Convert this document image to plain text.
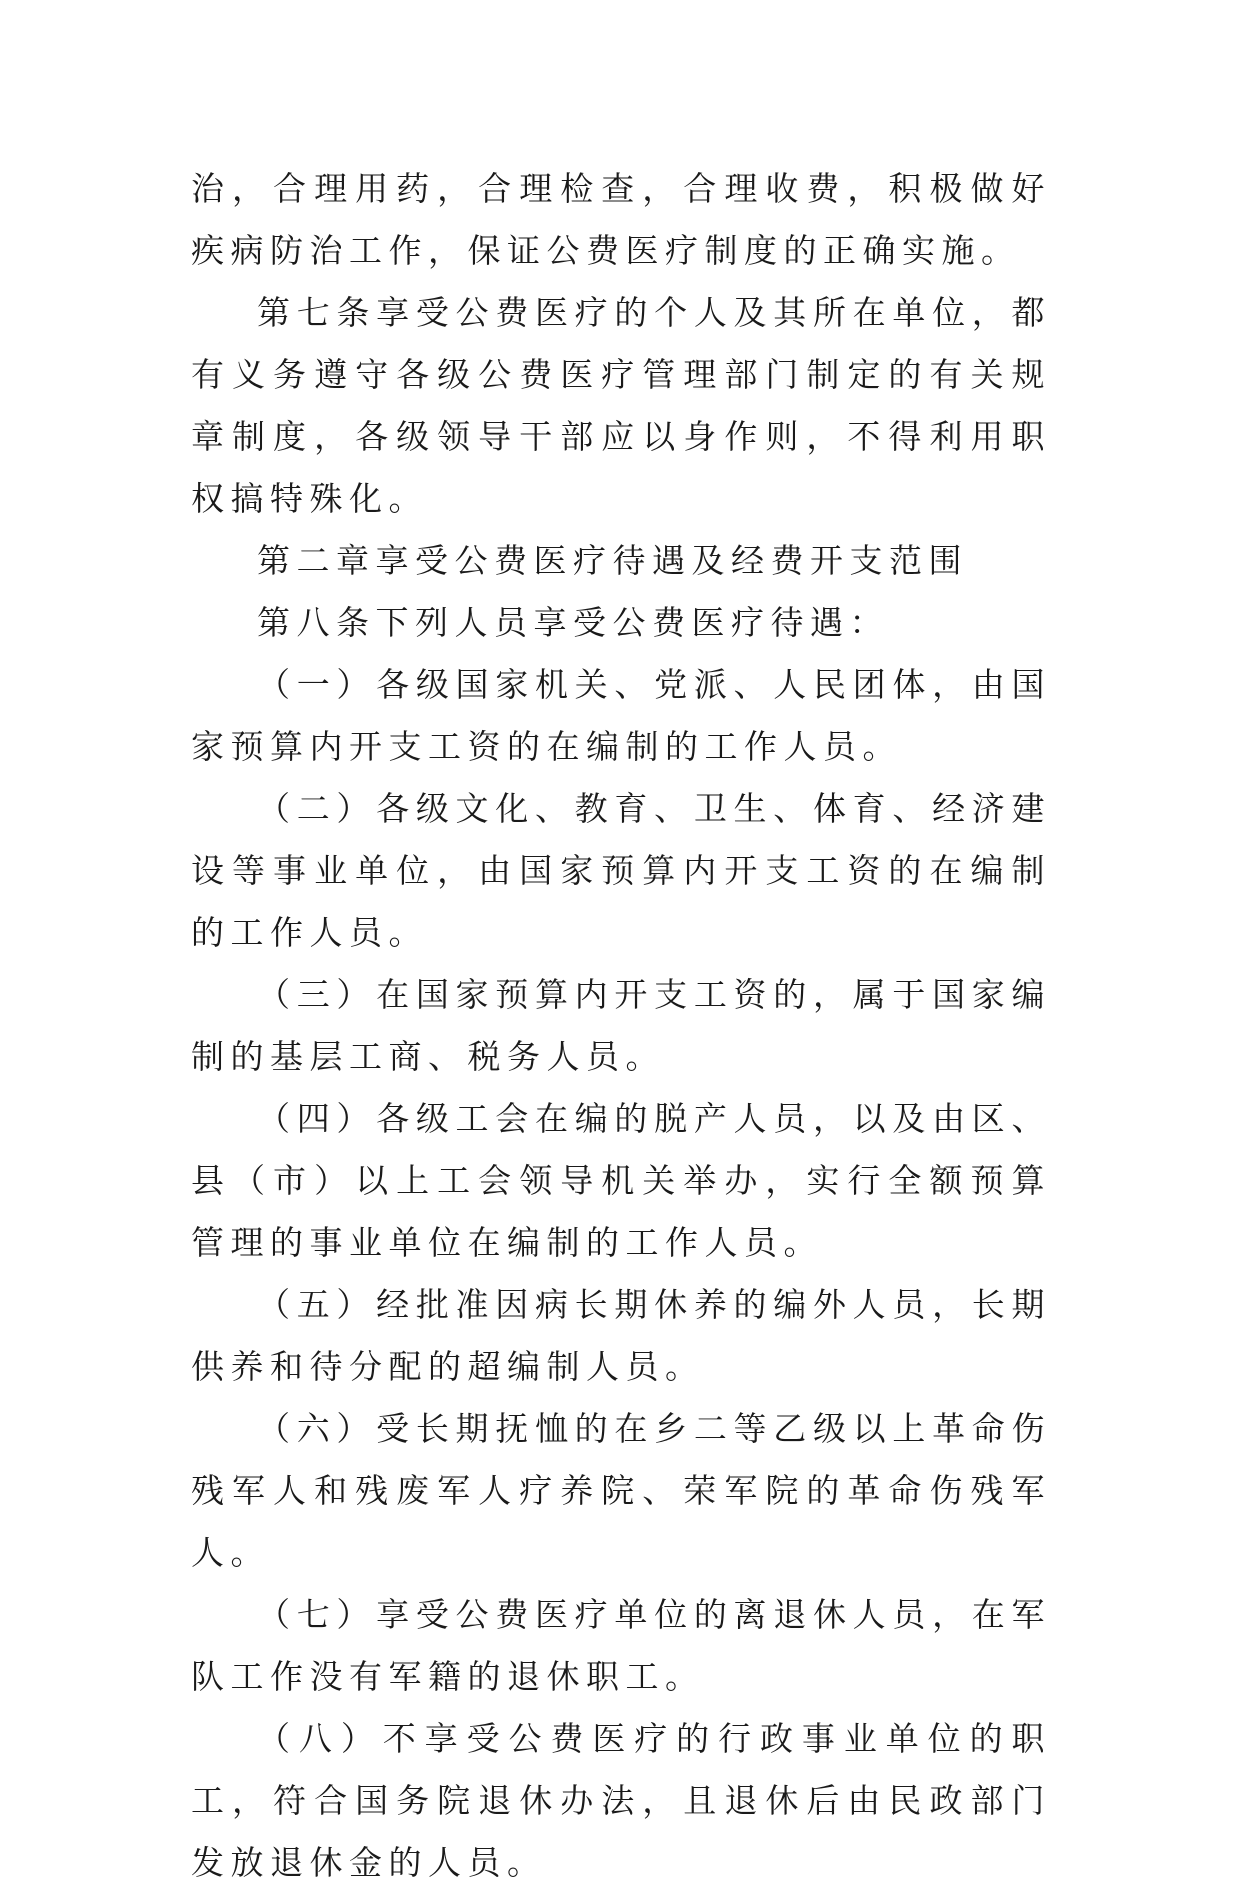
治，合理用药，合理检查，合理收费，积极做好疾病防治工作，保证公费医疗制度的正确实施。

第七条享受公费医疗的个人及其所在单位，都有义务遵守各级公费医疗管理部门制定的有关规章制度，各级领导干部应以身作则，不得利用职权搞特殊化。

第二章享受公费医疗待遇及经费开支范围

第八条下列人员享受公费医疗待遇：

（一）各级国家机关、党派、人民团体，由国家预算内开支工资的在编制的工作人员。

（二）各级文化、教育、卫生、体育、经济建设等事业单位，由国家预算内开支工资的在编制的工作人员。

（三）在国家预算内开支工资的，属于国家编制的基层工商、税务人员。

（四）各级工会在编的脱产人员，以及由区、县（市）以上工会领导机关举办，实行全额预算管理的事业单位在编制的工作人员。

（五）经批准因病长期休养的编外人员，长期供养和待分配的超编制人员。

（六）受长期抚恤的在乡二等乙级以上革命伤残军人和残废军人疗养院、荣军院的革命伤残军人。

（七）享受公费医疗单位的离退休人员，在军队工作没有军籍的退休职工。

（八）不享受公费医疗的行政事业单位的职工，符合国务院退休办法，且退休后由民政部门发放退休金的人员。
